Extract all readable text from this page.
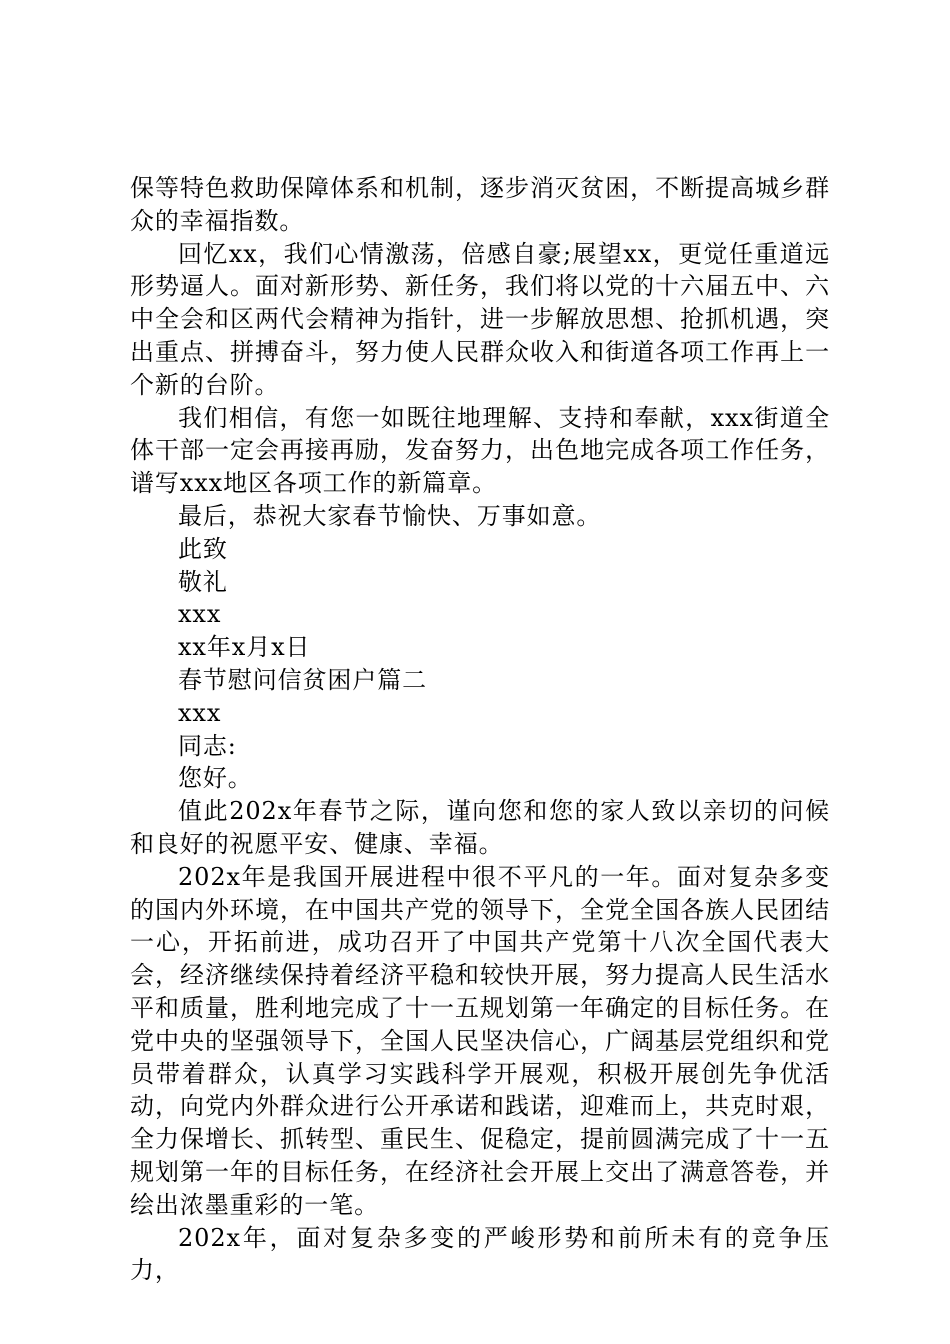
保等特色救助保障体系和机制，逐步消灭贫困，不断提高城乡群众的幸福指数。

回忆xx，我们心情激荡，倍感自豪;展望xx，更觉任重道远形势逼人。面对新形势、新任务，我们将以党的十六届五中、六中全会和区两代会精神为指针，进一步解放思想、抢抓机遇，突出重点、拼搏奋斗，努力使人民群众收入和街道各项工作再上一个新的台阶。

我们相信，有您一如既往地理解、支持和奉献，xxx街道全体干部一定会再接再励，发奋努力，出色地完成各项工作任务，谱写xxx地区各项工作的新篇章。

最后，恭祝大家春节愉快、万事如意。

此致

敬礼

xxx

xx年x月x日

春节慰问信贫困户篇二

xxx

同志:

您好。

值此202x年春节之际，谨向您和您的家人致以亲切的问候和良好的祝愿平安、健康、幸福。

202x年是我国开展进程中很不平凡的一年。面对复杂多变的国内外环境，在中国共产党的领导下，全党全国各族人民团结一心，开拓前进，成功召开了中国共产党第十八次全国代表大会，经济继续保持着经济平稳和较快开展，努力提高人民生活水平和质量，胜利地完成了十一五规划第一年确定的目标任务。在党中央的坚强领导下，全国人民坚决信心，广阔基层党组织和党员带着群众，认真学习实践科学开展观，积极开展创先争优活动，向党内外群众进行公开承诺和践诺，迎难而上，共克时艰，全力保增长、抓转型、重民生、促稳定，提前圆满完成了十一五规划第一年的目标任务，在经济社会开展上交出了满意答卷，并绘出浓墨重彩的一笔。

202x年，面对复杂多变的严峻形势和前所未有的竞争压力，
